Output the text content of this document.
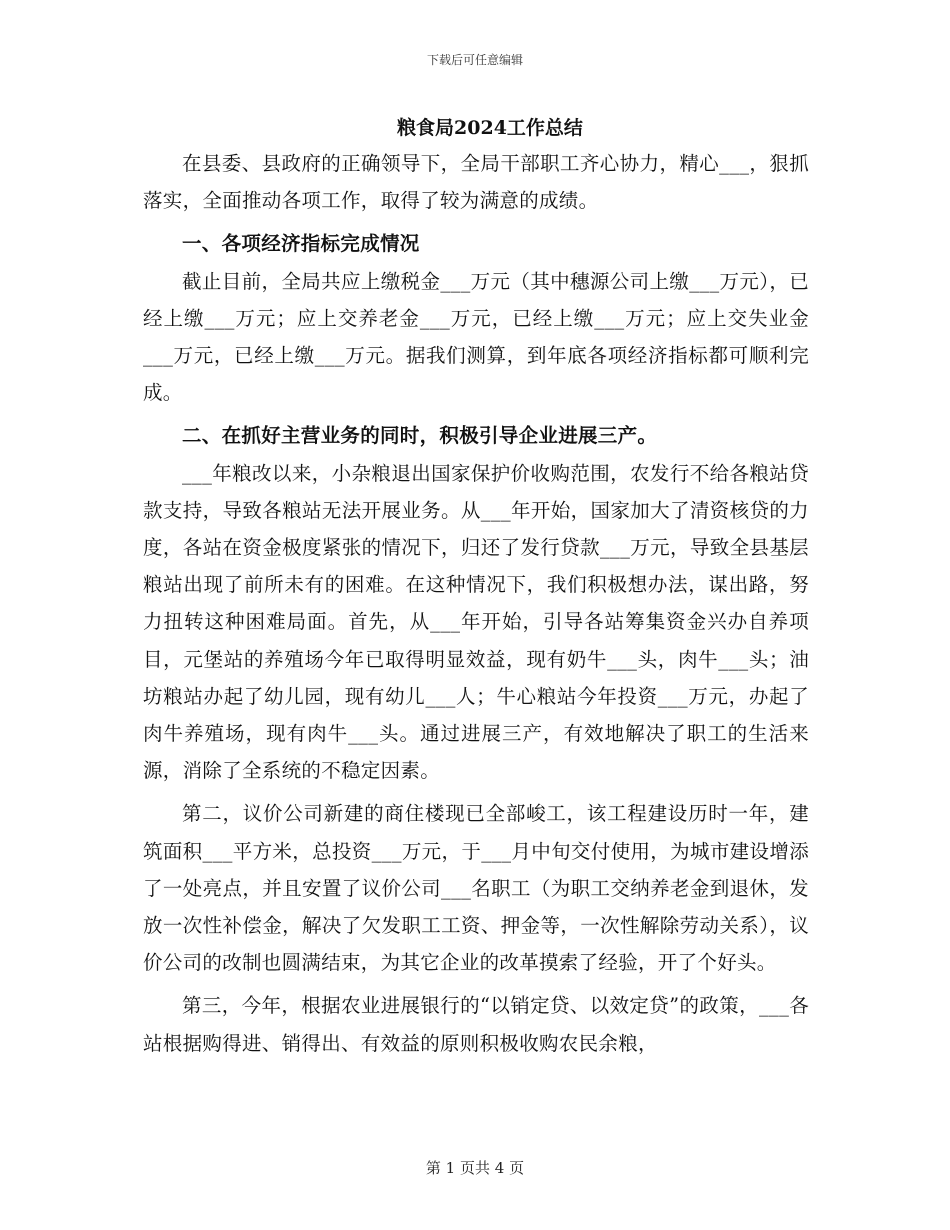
下载后可任意编辑
粮食局2024工作总结

在县委、县政府的正确领导下，全局干部职工齐心协力，精心___，狠抓落实，全面推动各项工作，取得了较为满意的成绩。

一、各项经济指标完成情况

截止目前，全局共应上缴税金___万元（其中穗源公司上缴___万元），已经上缴___万元；应上交养老金___万元，已经上缴___万元；应上交失业金___万元，已经上缴___万元。据我们测算，到年底各项经济指标都可顺利完成。

二、在抓好主营业务的同时，积极引导企业进展三产。

___年粮改以来，小杂粮退出国家保护价收购范围，农发行不给各粮站贷款支持，导致各粮站无法开展业务。从___年开始，国家加大了清资核贷的力度，各站在资金极度紧张的情况下，归还了发行贷款___万元，导致全县基层粮站出现了前所未有的困难。在这种情况下，我们积极想办法，谋出路，努力扭转这种困难局面。首先，从___年开始，引导各站筹集资金兴办自养项目，元堡站的养殖场今年已取得明显效益，现有奶牛___头，肉牛___头；油坊粮站办起了幼儿园，现有幼儿___人；牛心粮站今年投资___万元，办起了肉牛养殖场，现有肉牛___头。通过进展三产，有效地解决了职工的生活来源，消除了全系统的不稳定因素。

第二，议价公司新建的商住楼现已全部峻工，该工程建设历时一年，建筑面积___平方米，总投资___万元，于___月中旬交付使用，为城市建设增添了一处亮点，并且安置了议价公司___名职工（为职工交纳养老金到退休，发放一次性补偿金，解决了欠发职工工资、押金等，一次性解除劳动关系），议价公司的改制也圆满结束，为其它企业的改革摸索了经验，开了个好头。

第三，今年，根据农业进展银行的“以销定贷、以效定贷”的政策，___各站根据购得进、销得出、有效益的原则积极收购农民余粮，

第 1 页共 4 页
